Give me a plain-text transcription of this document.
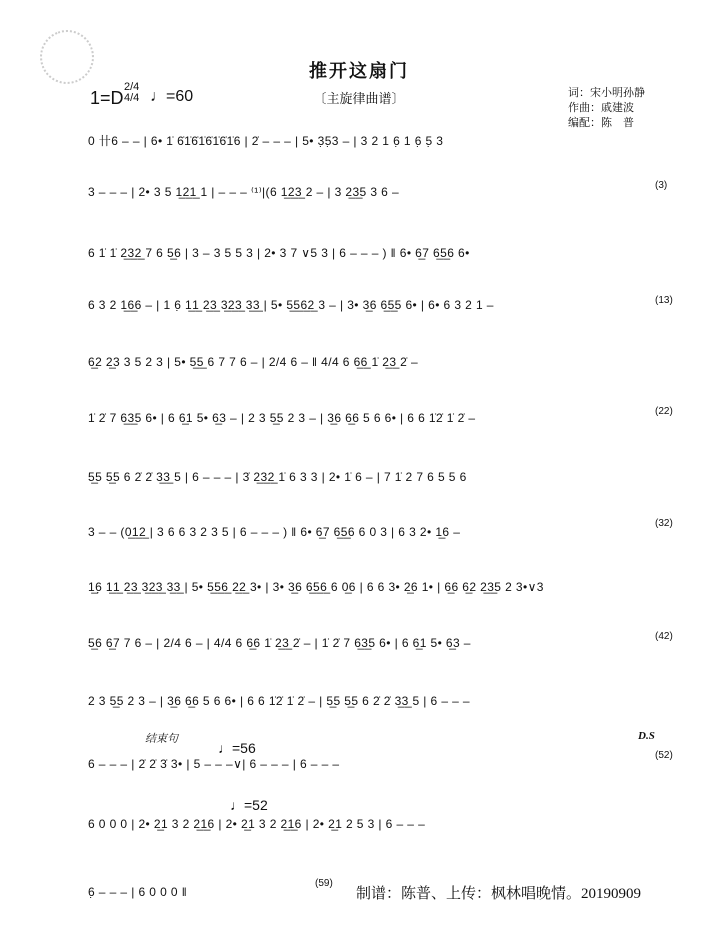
推开这扇门
〔主旋律曲谱〕
1=D
2/4
4/4 ♩=60	词：宋小明孙静
作曲：戚建波
编配：陈　普
0 卄6 – – | 6• 1̇ 6̇1̇6̇1̇6̇1̇6̇1̇6 | 2̇ – – – | 5• 3̣5̣3 – | 3 2 1 6̣ 1 6̣ 5̣ 3
3 – – – | 2• 3 5 1̲2̲1̲ 1 | – – – ⁽¹⁾|(6 1̲2̲3̲ 2 – | 3 2̲3̲5 3 6 –	(3)
6 1̇ 1̇ 2̲3̲2̲ 7 6 5̲6 | 3 – 3 5 5 3 | 2• 3 7 ∨5 3 | 6 – – – ) ‖ 6• 6̲7 6̲5̲6 6•
6 3 2 1̲6̲6 – | 1 6̣ 1̲1̲ 2̲3̲ 3̲2̲3̲ 3̲3̲ | 5• 5̲5̲6̲2̲ 3 – | 3• 3̲6 6̲5̲5 6• | 6• 6 3 2 1 –	(13)
6̲2 2̲3 3 5 2 3 | 5• 5̲5̲ 6 7 7 6 – | 2/4 6 – ‖ 4/4 6 6̲6̲ 1̇ 2̲3̲ 2̇ –
1̇ 2̇ 7 6̲3̲5 6• | 6 6̲1 5• 6̲3 – | 2 3 5̲5 2 3 – | 3̲6 6̲6 5 6 6• | 6 6 1̇2̇ 1̇ 2̇ –	(22)
5̲5 5̲5 6 2̇ 2̇ 3̲3̲ 5 | 6 – – – | 3̇ 2̲3̲2̲ 1̇ 6 3 3 | 2• 1̇ 6 – | 7 1̇ 2 7 6 5 5 6
3 – – (0̲1̲2̲ | 3 6 6 3 2 3 5 | 6 – – – ) ‖ 6• 6̲7 6̲5̲6 6 0 3 | 6 3 2• 1̲6 –
(32)
1̲6̣ 1̲1̲ 2̲3̲ 3̲2̲3̲ 3̲3̲ | 5• 5̲5̲6̲ 2̲2̲ 3• | 3• 3̲6 6̲5̲6̲ 6 0̲6 | 6 6 3• 2̲6 1• | 6̲6 6̲2 2̲3̲5 2 3•∨3
5̲6 6̲7 7 6 – | 2/4 6 – | 4/4 6 6̲6 1̇ 2̲3̲ 2̇ – | 1̇ 2̇ 7 6̲3̲5 6• | 6 6̲1 5• 6̲3 –	(42)
2 3 5̲5 2 3 – | 3̲6 6̲6 5 6 6• | 6 6 1̇2̇ 1̇ 2̇ – | 5̲5 5̲5 6 2̇ 2̇ 3̲3̲ 5 | 6 – – –
结束句
♩=56
D.S
6 – – – | 2̇ 2̇ 3̇ 3• | 5 – – –∨| 6 – – – | 6 – – –
(52)
♩=52
6 0 0 0 | 2• 2̲1 3 2 2̲1̲6 | 2• 2̲1 3 2 2̲1̲6 | 2• 2̲1 2 5 3 | 6 – – –
6̣ – – – | 6 0 0 0 ‖
(59)
制谱：陈普、上传：枫林唱晚情。20190909
